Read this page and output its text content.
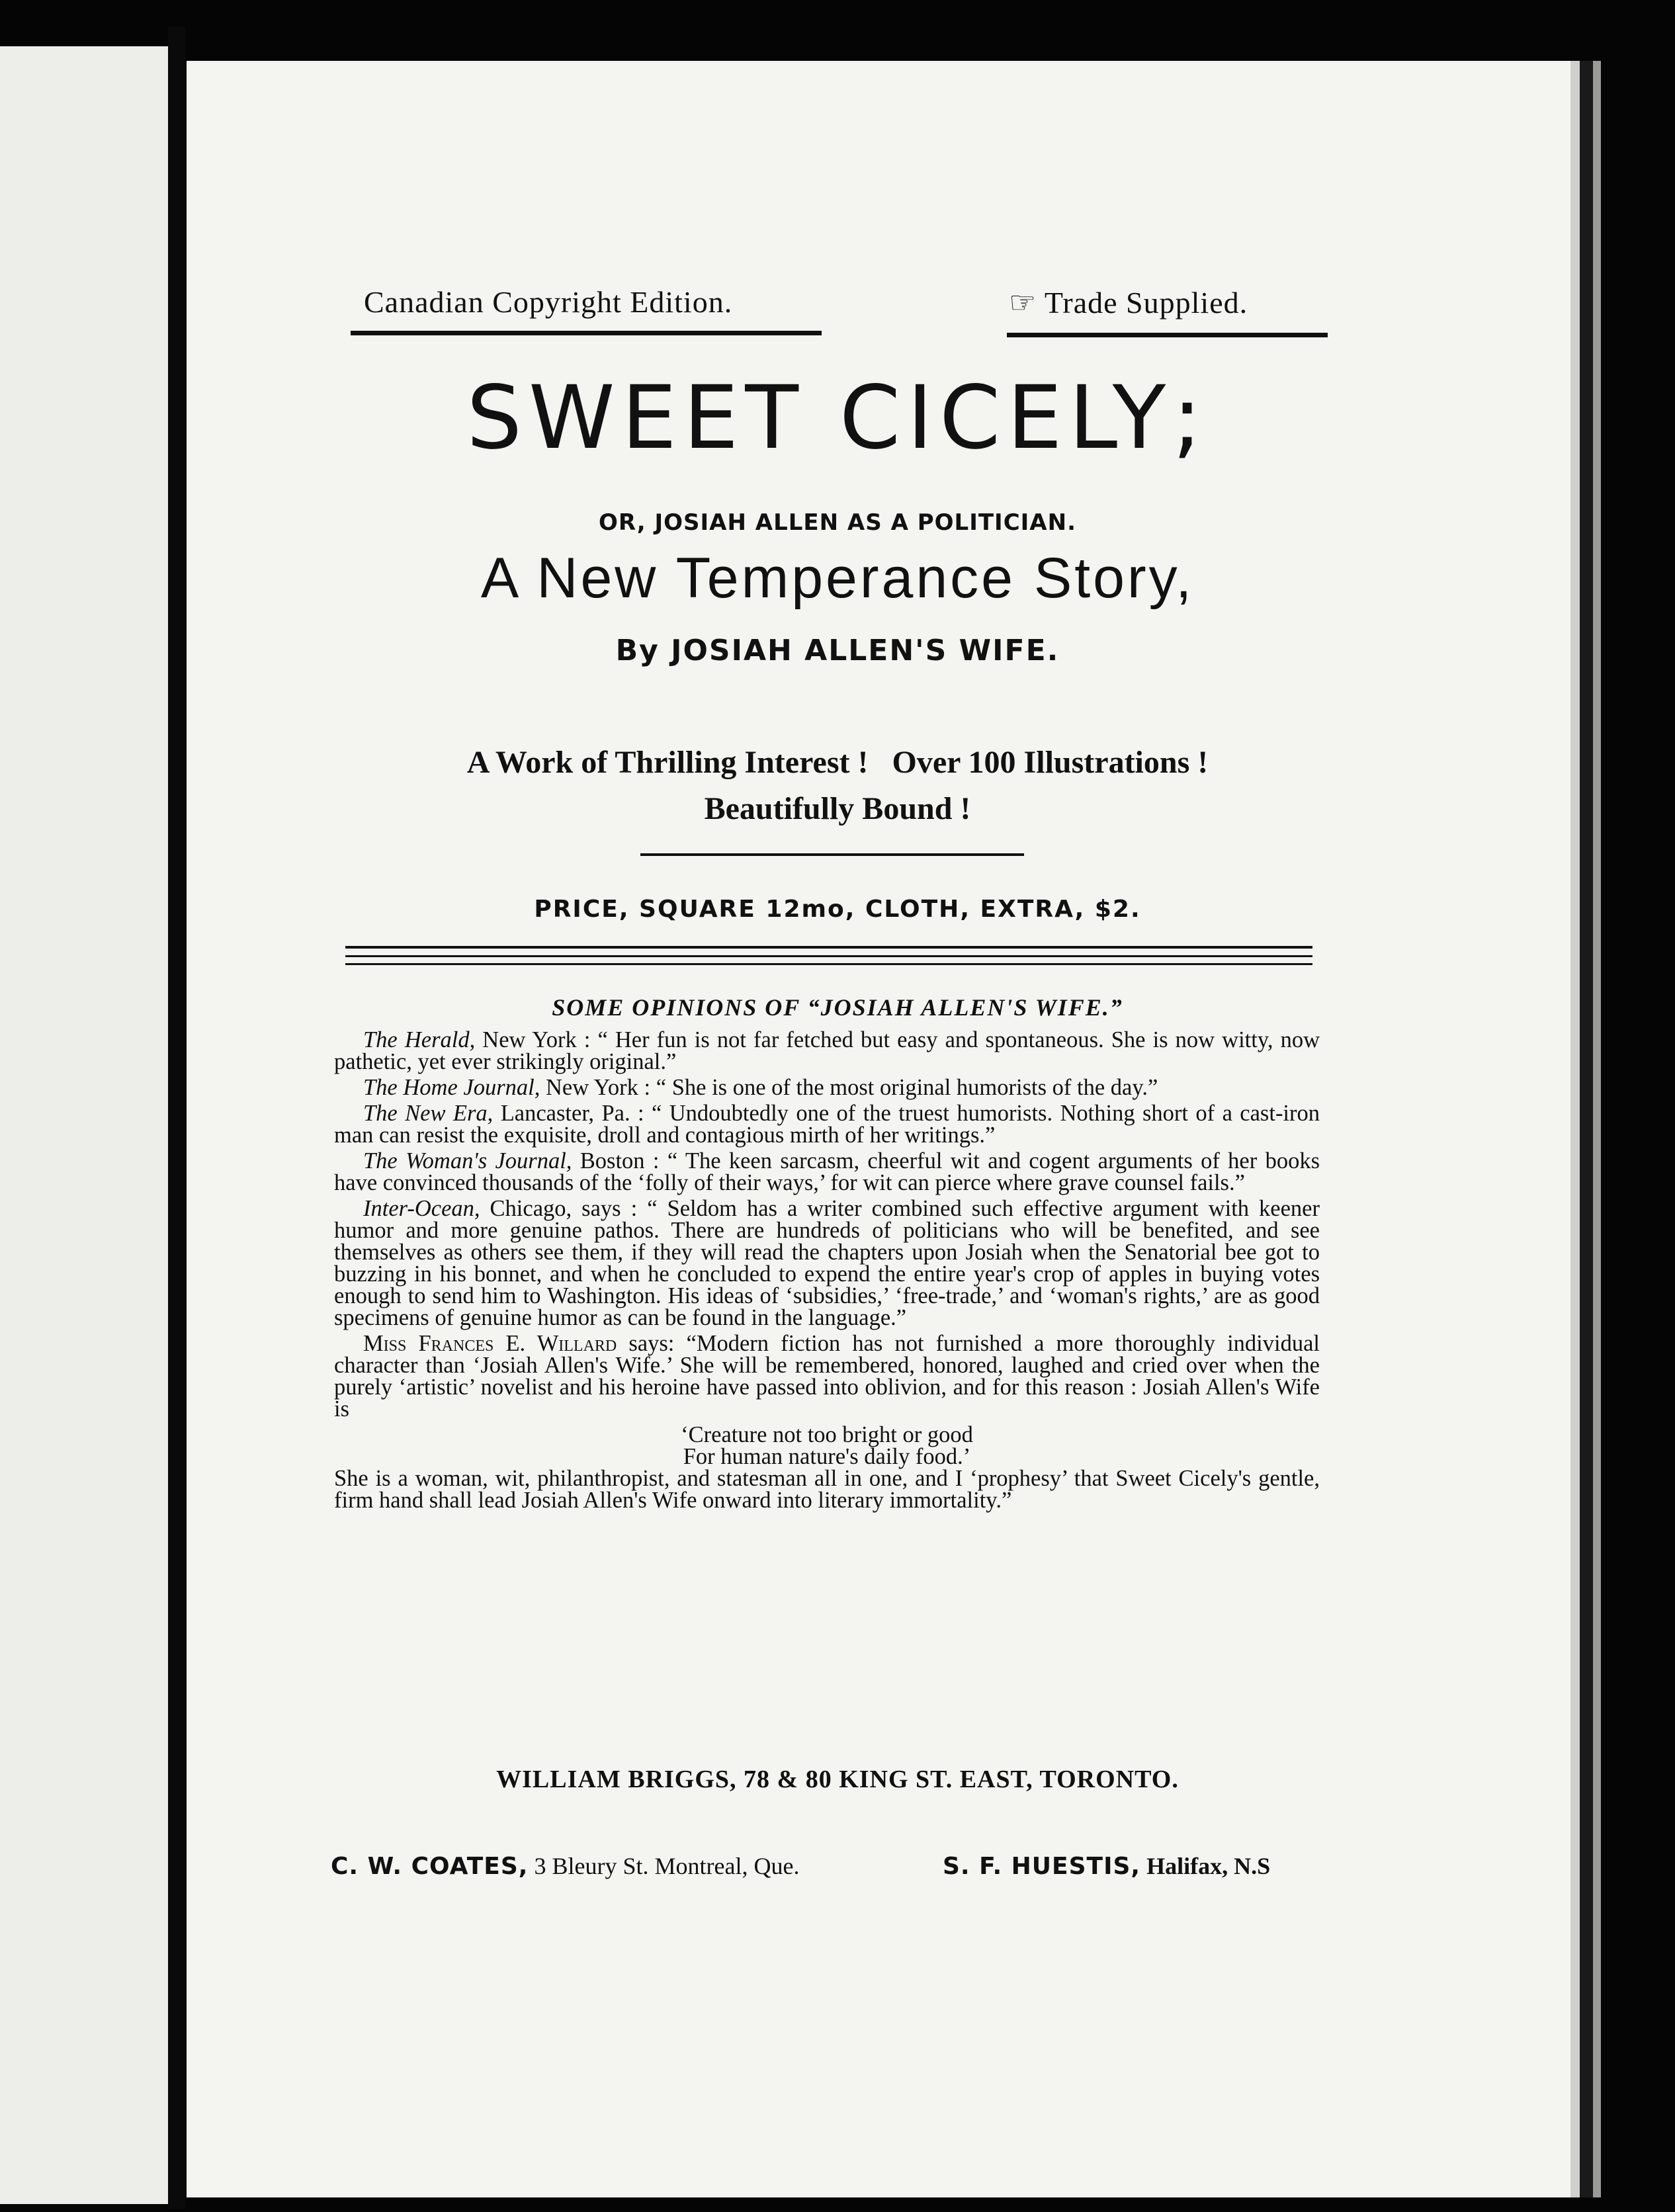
Canadian Copyright Edition.	☞ Trade Supplied.
SWEET CICELY;
OR, JOSIAH ALLEN AS A POLITICIAN.
A New Temperance Story,
By JOSIAH ALLEN'S WIFE.
A Work of Thrilling Interest !   Over 100 Illustrations !
Beautifully Bound !
PRICE, SQUARE 12mo, CLOTH, EXTRA, $2.
SOME OPINIONS OF “JOSIAH ALLEN'S WIFE.”

The Herald, New York : “ Her fun is not far fetched but easy and spontaneous. She is now witty, now pathetic, yet ever strikingly original.”

The Home Journal, New York : “ She is one of the most original humorists of the day.”

The New Era, Lancaster, Pa. : “ Undoubtedly one of the truest humorists. Nothing short of a cast-iron man can resist the exquisite, droll and contagious mirth of her writings.”

The Woman's Journal, Boston : “ The keen sarcasm, cheerful wit and cogent arguments of her books have convinced thousands of the ‘folly of their ways,’ for wit can pierce where grave counsel fails.”

Inter-Ocean, Chicago, says : “ Seldom has a writer combined such effective argument with keener humor and more genuine pathos. There are hundreds of politicians who will be benefited, and see themselves as others see them, if they will read the chapters upon Josiah when the Senatorial bee got to buzzing in his bonnet, and when he concluded to expend the entire year's crop of apples in buying votes enough to send him to Washington. His ideas of ‘subsidies,’ ‘free-trade,’ and ‘woman's rights,’ are as good specimens of genuine humor as can be found in the language.”

Miss Frances E. Willard says: “Modern fiction has not furnished a more thoroughly individual character than ‘Josiah Allen's Wife.’ She will be remembered, honored, laughed and cried over when the purely ‘artistic’ novelist and his heroine have passed into oblivion, and for this reason : Josiah Allen's Wife is

‘Creature not too bright or good

For human nature's daily food.’

She is a woman, wit, philanthropist, and statesman all in one, and I ‘prophesy’ that Sweet Cicely's gentle, firm hand shall lead Josiah Allen's Wife onward into literary immortality.”

WILLIAM BRIGGS, 78 & 80 KING ST. EAST, TORONTO.
C. W. COATES, 3 Bleury St. Montreal, Que.	S. F. HUESTIS, Halifax, N.S
